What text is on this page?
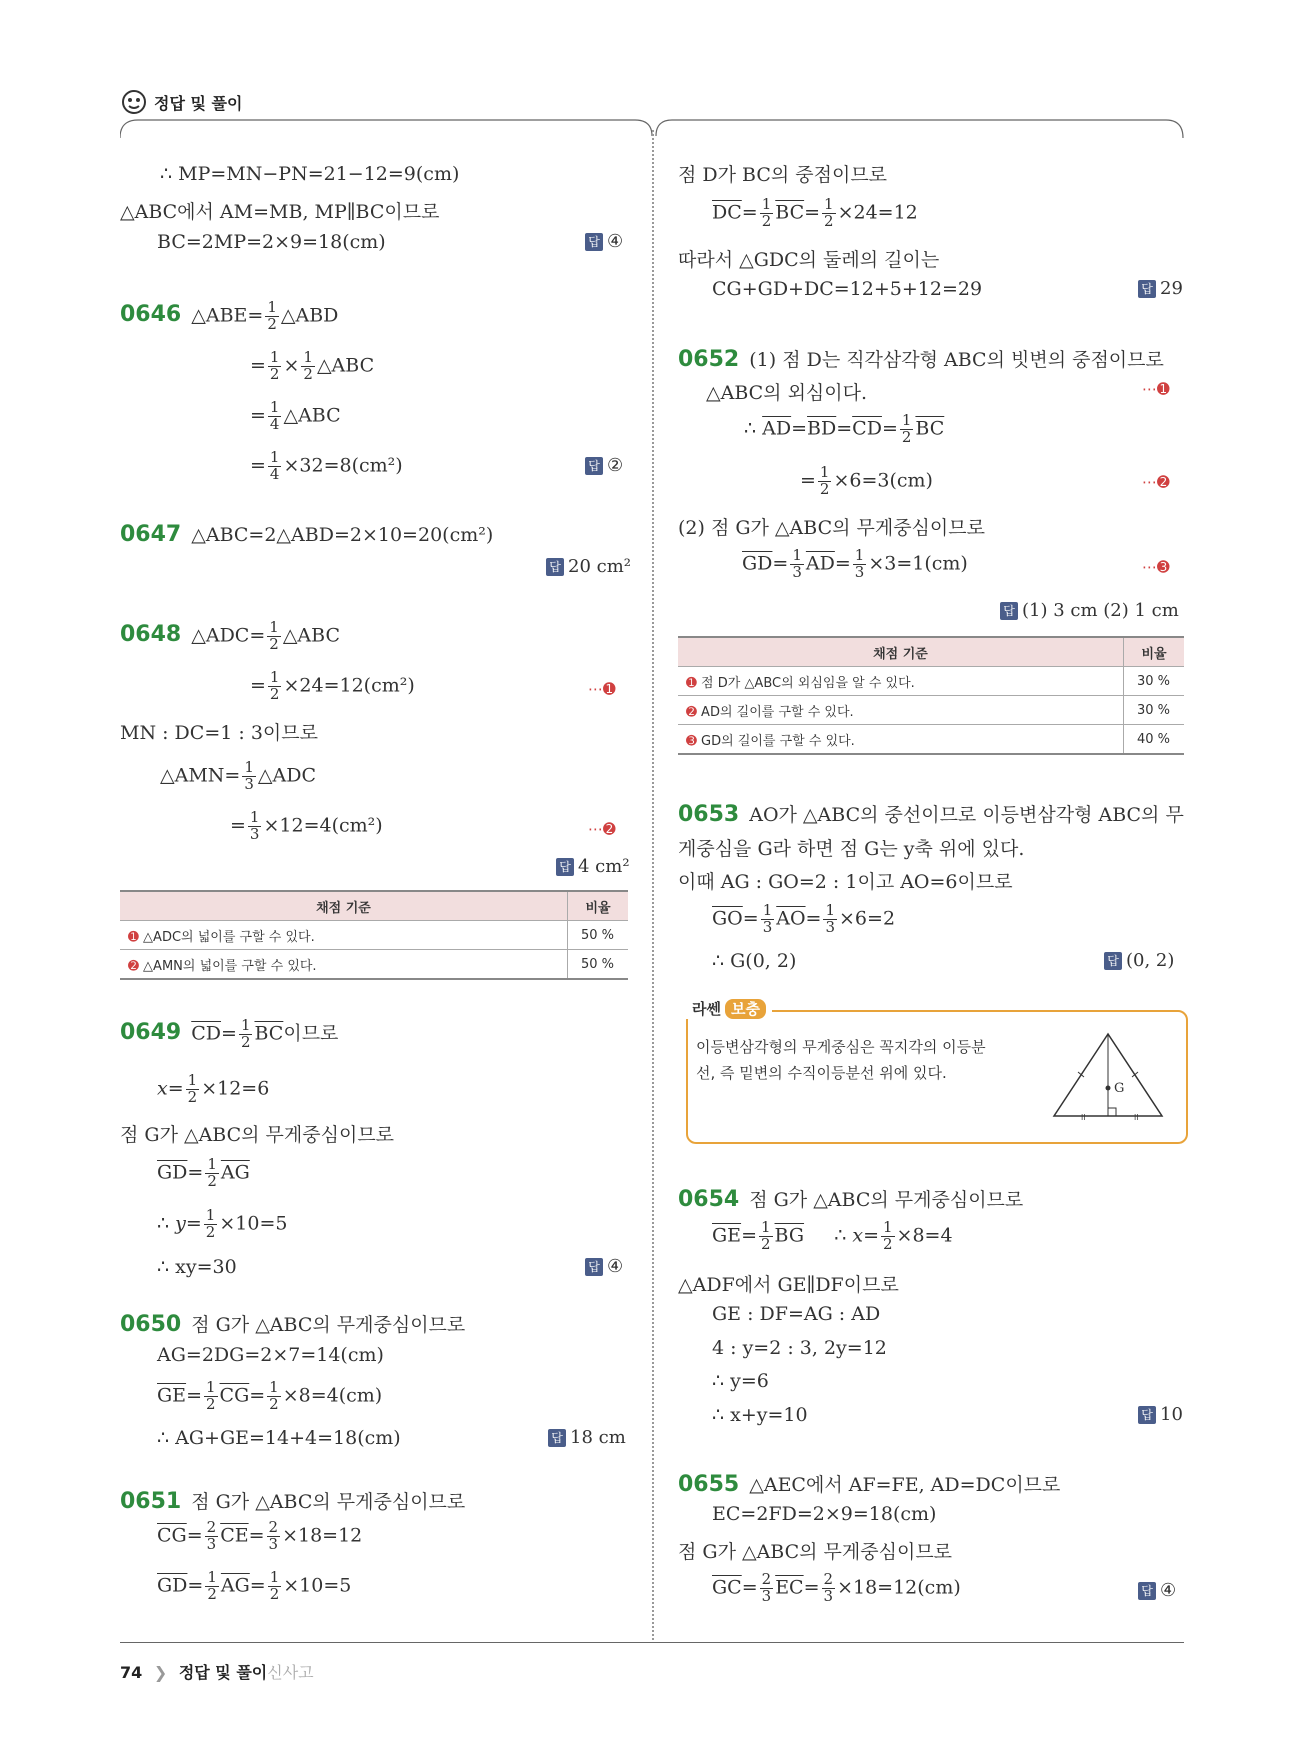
정답 및 풀이
∴ MP=MN−PN=21−12=9(cm)
△ABC에서 AM=MB, MP∥BC이므로
BC=2MP=2×9=18(cm)	답 ④
0646 △ABE= $\frac{1}{2}$ △ABD
= $\frac{1}{2} \times \frac{1}{2}$ △ABC
= $\frac{1}{4}$ △ABC
= $\frac{1}{4} \times 32=8(cm^2)$	답 ②
0647 △ABC=2△ABD=2×10=20(cm²)
답 20 cm²
0648 △ADC= $\frac{1}{2}$ △ABC
= $\frac{1}{2} \times 24=12(cm^2)$	⋯➊
MN : DC=1 : 3이므로
△AMN= $\frac{1}{3}$ △ADC
= $\frac{1}{3} \times 12=4(cm^2)$	⋯➋
답 4 cm²
채점 기준	비율
➊ △ADC의 넓이를 구할 수 있다.	50 %
➋ △AMN의 넓이를 구할 수 있다.	50 %
0649 $\overline{CD}= \frac{1}{2} \overline{BC}$이므로
$x= \frac{1}{2} \times 12=6$
점 G가 △ABC의 무게중심이므로
$\overline{GD}= \frac{1}{2} \overline{AG}$
∴ $y= \frac{1}{2} \times 10=5$
∴ xy=30	답 ④
0650 점 G가 △ABC의 무게중심이므로
AG=2DG=2×7=14(cm)
$\overline{GE}= \frac{1}{2} \overline{CG}= \frac{1}{2} \times 8=4(cm)$
∴ AG+GE=14+4=18(cm)	답 18 cm
0651 점 G가 △ABC의 무게중심이므로
$\overline{CG}= \frac{2}{3} \overline{CE}= \frac{2}{3} \times 18=12$
$\overline{GD}= \frac{1}{2} \overline{AG}= \frac{1}{2} \times 10=5$
점 D가 BC의 중점이므로
$\overline{DC}= \frac{1}{2} \overline{BC}= \frac{1}{2} \times 24=12$
따라서 △GDC의 둘레의 길이는
CG+GD+DC=12+5+12=29	답 29
0652 (1) 점 D는 직각삼각형 ABC의 빗변의 중점이므로
△ABC의 외심이다.	⋯➊
∴ $\overline{AD}=\overline{BD}=\overline{CD}= \frac{1}{2} \overline{BC}$
= $\frac{1}{2} \times 6=3(cm)$	⋯➋
(2) 점 G가 △ABC의 무게중심이므로
$\overline{GD}= \frac{1}{3} \overline{AD}= \frac{1}{3} \times 3=1(cm)$	⋯➌
답 (1) 3 cm (2) 1 cm
채점 기준	비율
➊ 점 D가 △ABC의 외심임을 알 수 있다.	30 %
➋ AD의 길이를 구할 수 있다.	30 %
➌ GD의 길이를 구할 수 있다.	40 %
0653 AO가 △ABC의 중선이므로 이등변삼각형 ABC의 무
게중심을 G라 하면 점 G는 y축 위에 있다.
이때 AG : GO=2 : 1이고 AO=6이므로
$\overline{GO}= \frac{1}{3} \overline{AO}= \frac{1}{3} \times 6=2$
∴ G(0, 2)	답 (0, 2)
라쎈 보충
이등변삼각형의 무게중심은 꼭지각의 이등분
선, 즉 밑변의 수직이등분선 위에 있다.
ll	ll
G
0654 점 G가 △ABC의 무게중심이므로
$\overline{GE}= \frac{1}{2} \overline{BG}$     ∴ $x= \frac{1}{2} \times 8=4$
△ADF에서 GE∥DF이므로
GE : DF=AG : AD
4 : y=2 : 3, 2y=12
∴ y=6
∴ x+y=10	답 10
0655 △AEC에서 AF=FE, AD=DC이므로
EC=2FD=2×9=18(cm)
점 G가 △ABC의 무게중심이므로
$\overline{GC}= \frac{2}{3} \overline{EC}= \frac{2}{3} \times 18=12(cm)$	답 ④
74 ❯ 정답 및 풀이신사고
